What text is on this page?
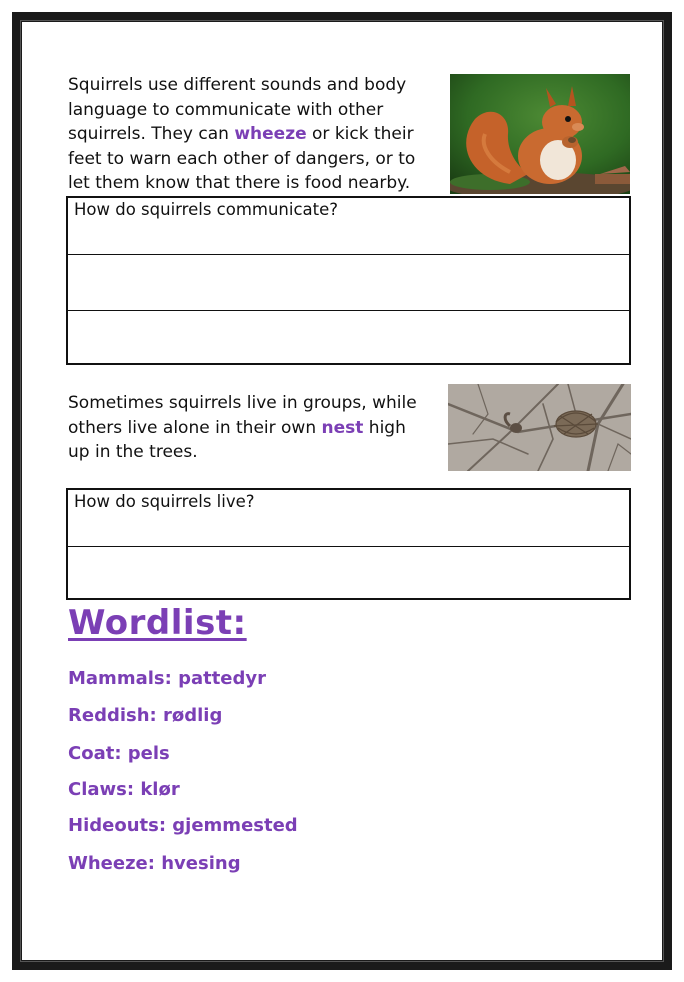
Squirrels use different sounds and body
language to communicate with other
squirrels. They can wheeze or kick their
feet to warn each other of dangers, or to
let them know that there is food nearby.
How do squirrels communicate?
Sometimes squirrels live in groups, while
others live alone in their own nest high
up in the trees.
How do squirrels live?
Wordlist:
Mammals: pattedyr
Reddish: rødlig
Coat: pels
Claws: klør
Hideouts: gjemmested
Wheeze: hvesing
